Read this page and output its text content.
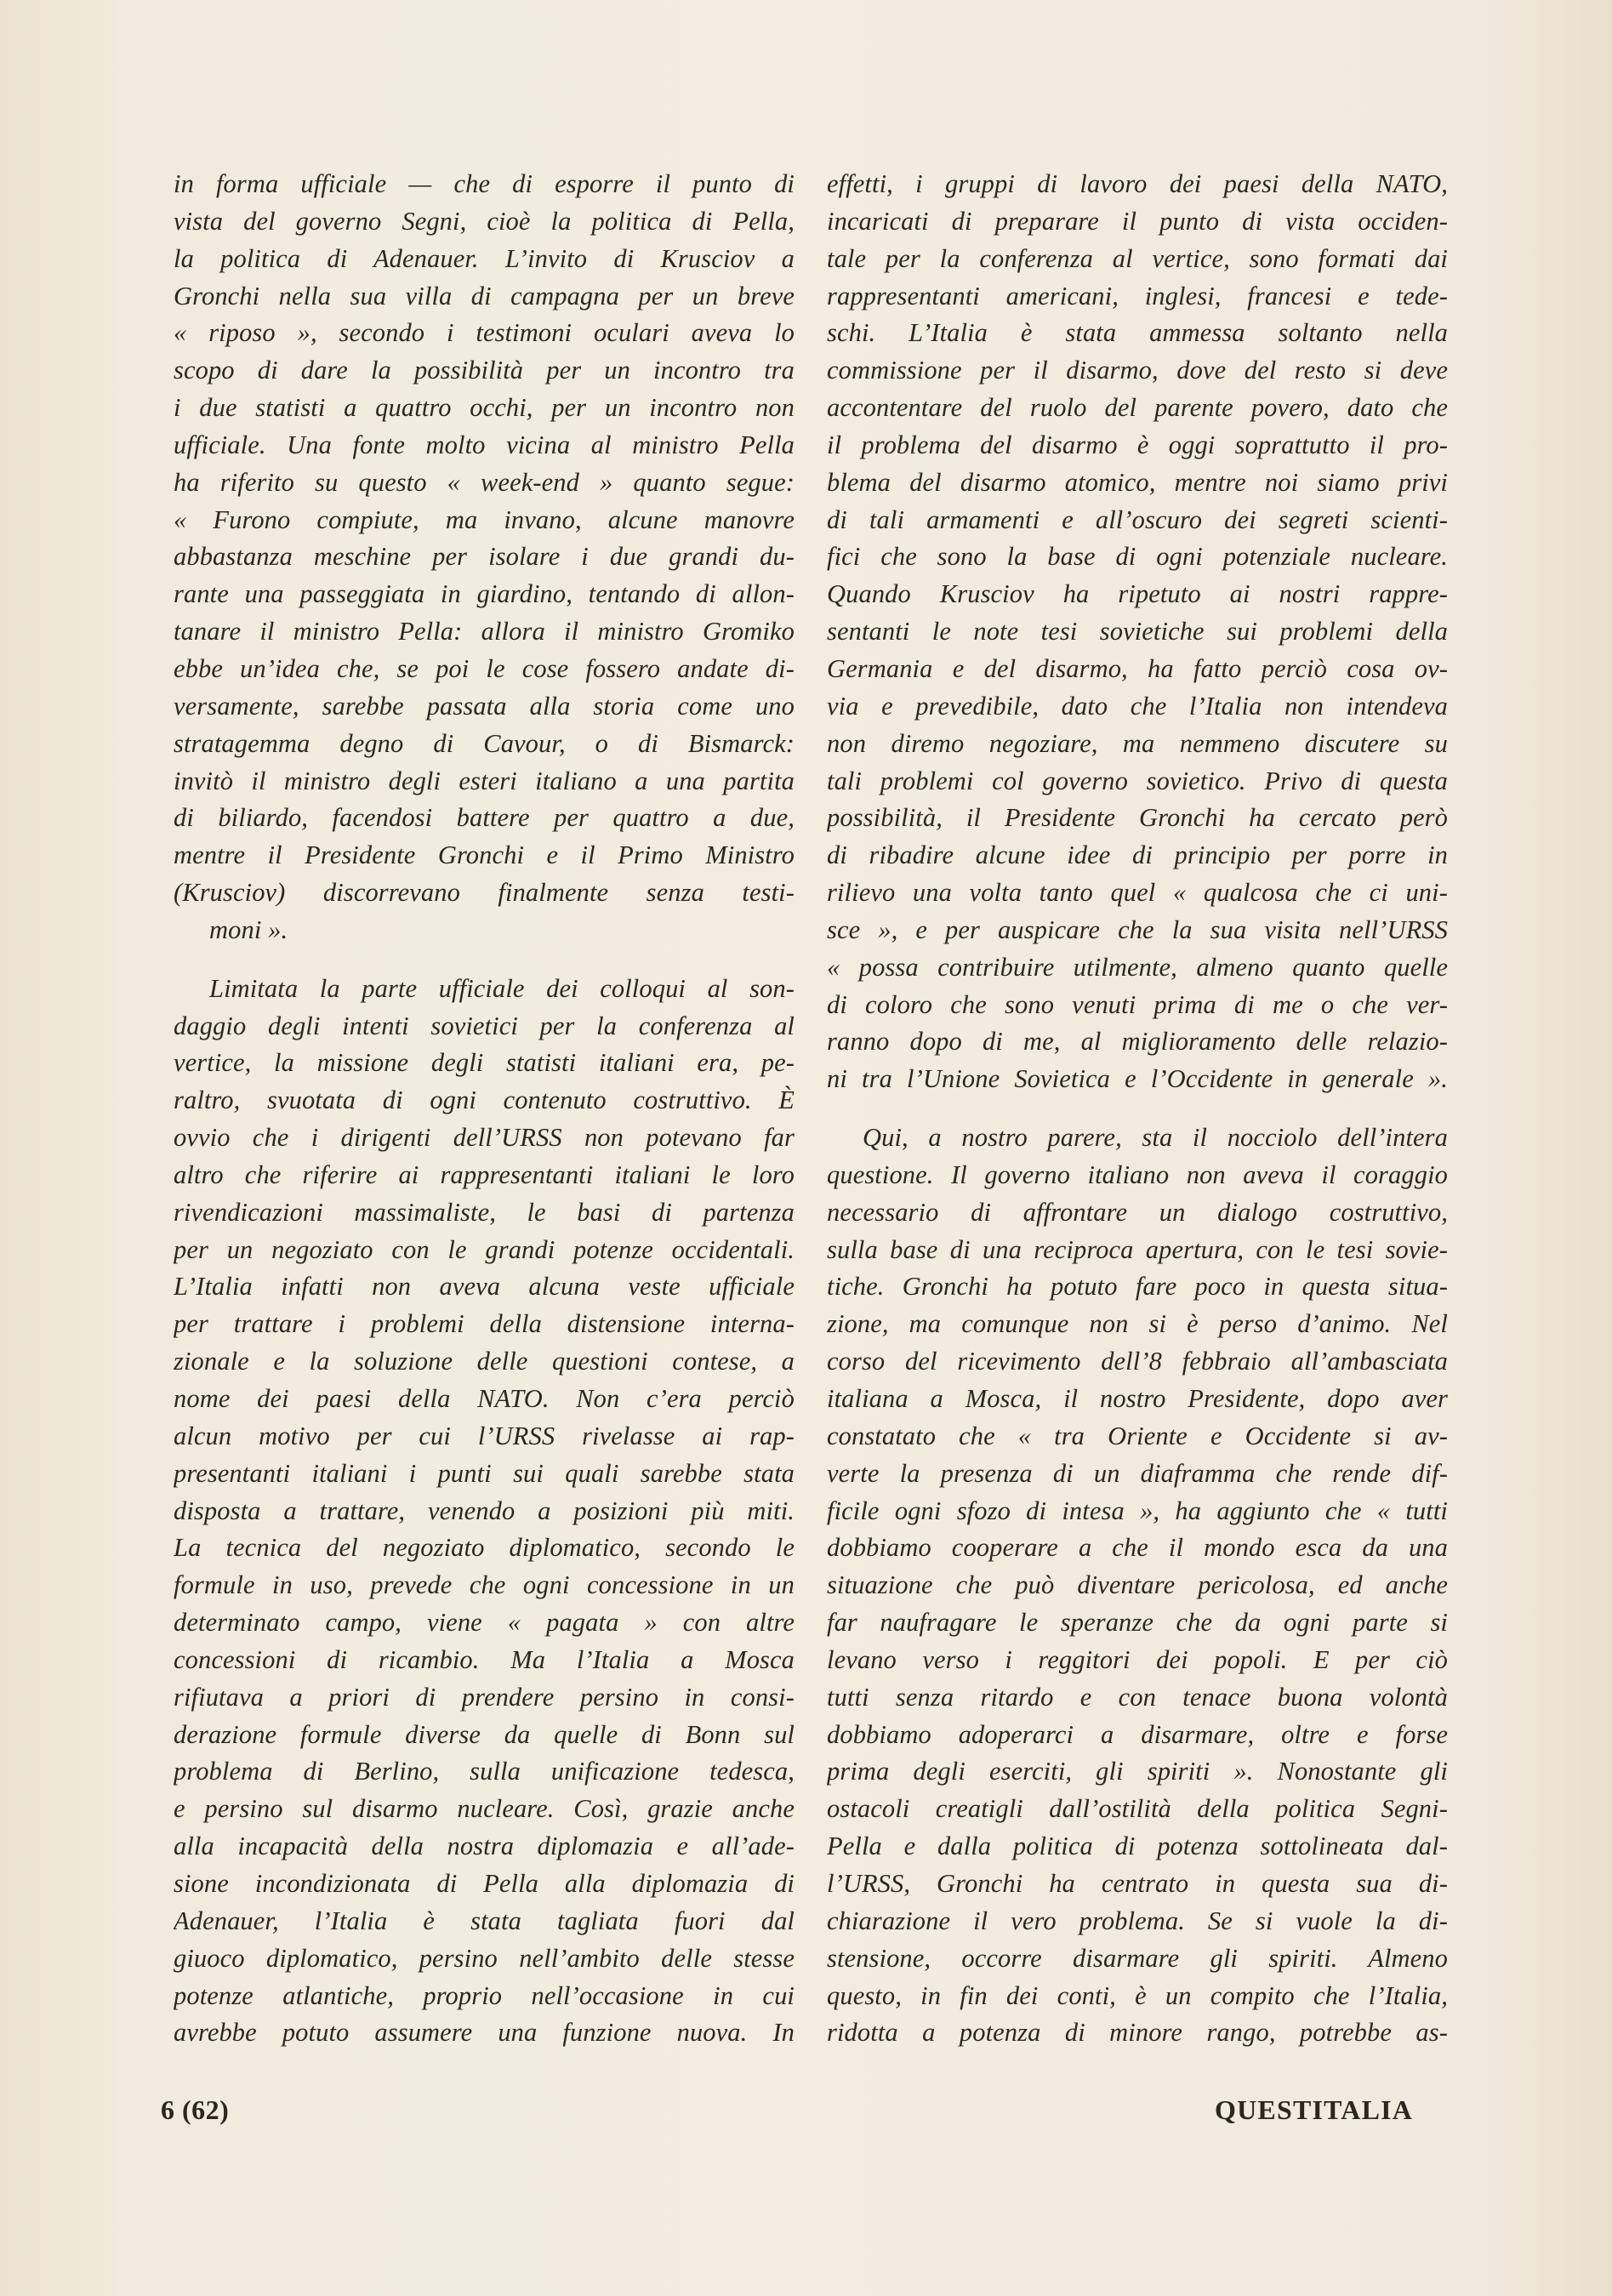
in forma ufficiale — che di esporre il punto di
vista del governo Segni, cioè la politica di Pella,
la politica di Adenauer. L’invito di Krusciov a
Gronchi nella sua villa di campagna per un breve
« riposo », secondo i testimoni oculari aveva lo
scopo di dare la possibilità per un incontro tra
i due statisti a quattro occhi, per un incontro non
ufficiale. Una fonte molto vicina al ministro Pella
ha riferito su questo « week-end » quanto segue:
« Furono compiute, ma invano, alcune manovre
abbastanza meschine per isolare i due grandi du-
rante una passeggiata in giardino, tentando di allon-
tanare il ministro Pella: allora il ministro Gromiko
ebbe un’idea che, se poi le cose fossero andate di-
versamente, sarebbe passata alla storia come uno
stratagemma degno di Cavour, o di Bismarck:
invitò il ministro degli esteri italiano a una partita
di biliardo, facendosi battere per quattro a due,
mentre il Presidente Gronchi e il Primo Ministro
(Krusciov) discorrevano finalmente senza testi-
moni ».
Limitata la parte ufficiale dei colloqui al son-
daggio degli intenti sovietici per la conferenza al
vertice, la missione degli statisti italiani era, pe-
raltro, svuotata di ogni contenuto costruttivo. È
ovvio che i dirigenti dell’URSS non potevano far
altro che riferire ai rappresentanti italiani le loro
rivendicazioni massimaliste, le basi di partenza
per un negoziato con le grandi potenze occidentali.
L’Italia infatti non aveva alcuna veste ufficiale
per trattare i problemi della distensione interna-
zionale e la soluzione delle questioni contese, a
nome dei paesi della NATO. Non c’era perciò
alcun motivo per cui l’URSS rivelasse ai rap-
presentanti italiani i punti sui quali sarebbe stata
disposta a trattare, venendo a posizioni più miti.
La tecnica del negoziato diplomatico, secondo le
formule in uso, prevede che ogni concessione in un
determinato campo, viene « pagata » con altre
concessioni di ricambio. Ma l’Italia a Mosca
rifiutava a priori di prendere persino in consi-
derazione formule diverse da quelle di Bonn sul
problema di Berlino, sulla unificazione tedesca,
e persino sul disarmo nucleare. Così, grazie anche
alla incapacità della nostra diplomazia e all’ade-
sione incondizionata di Pella alla diplomazia di
Adenauer, l’Italia è stata tagliata fuori dal
giuoco diplomatico, persino nell’ambito delle stesse
potenze atlantiche, proprio nell’occasione in cui
avrebbe potuto assumere una funzione nuova. In
effetti, i gruppi di lavoro dei paesi della NATO,
incaricati di preparare il punto di vista occiden-
tale per la conferenza al vertice, sono formati dai
rappresentanti americani, inglesi, francesi e tede-
schi. L’Italia è stata ammessa soltanto nella
commissione per il disarmo, dove del resto si deve
accontentare del ruolo del parente povero, dato che
il problema del disarmo è oggi soprattutto il pro-
blema del disarmo atomico, mentre noi siamo privi
di tali armamenti e all’oscuro dei segreti scienti-
fici che sono la base di ogni potenziale nucleare.
Quando Krusciov ha ripetuto ai nostri rappre-
sentanti le note tesi sovietiche sui problemi della
Germania e del disarmo, ha fatto perciò cosa ov-
via e prevedibile, dato che l’Italia non intendeva
non diremo negoziare, ma nemmeno discutere su
tali problemi col governo sovietico. Privo di questa
possibilità, il Presidente Gronchi ha cercato però
di ribadire alcune idee di principio per porre in
rilievo una volta tanto quel « qualcosa che ci uni-
sce », e per auspicare che la sua visita nell’URSS
« possa contribuire utilmente, almeno quanto quelle
di coloro che sono venuti prima di me o che ver-
ranno dopo di me, al miglioramento delle relazio-
ni tra l’Unione Sovietica e l’Occidente in generale ».
Qui, a nostro parere, sta il nocciolo dell’intera
questione. Il governo italiano non aveva il coraggio
necessario di affrontare un dialogo costruttivo,
sulla base di una reciproca apertura, con le tesi sovie-
tiche. Gronchi ha potuto fare poco in questa situa-
zione, ma comunque non si è perso d’animo. Nel
corso del ricevimento dell’8 febbraio all’ambasciata
italiana a Mosca, il nostro Presidente, dopo aver
constatato che « tra Oriente e Occidente si av-
verte la presenza di un diaframma che rende dif-
ficile ogni sfozo di intesa », ha aggiunto che « tutti
dobbiamo cooperare a che il mondo esca da una
situazione che può diventare pericolosa, ed anche
far naufragare le speranze che da ogni parte si
levano verso i reggitori dei popoli. E per ciò
tutti senza ritardo e con tenace buona volontà
dobbiamo adoperarci a disarmare, oltre e forse
prima degli eserciti, gli spiriti ». Nonostante gli
ostacoli creatigli dall’ostilità della politica Segni-
Pella e dalla politica di potenza sottolineata dal-
l’URSS, Gronchi ha centrato in questa sua di-
chiarazione il vero problema. Se si vuole la di-
stensione, occorre disarmare gli spiriti. Almeno
questo, in fin dei conti, è un compito che l’Italia,
ridotta a potenza di minore rango, potrebbe as-
6 (62)	QUESTITALIA
